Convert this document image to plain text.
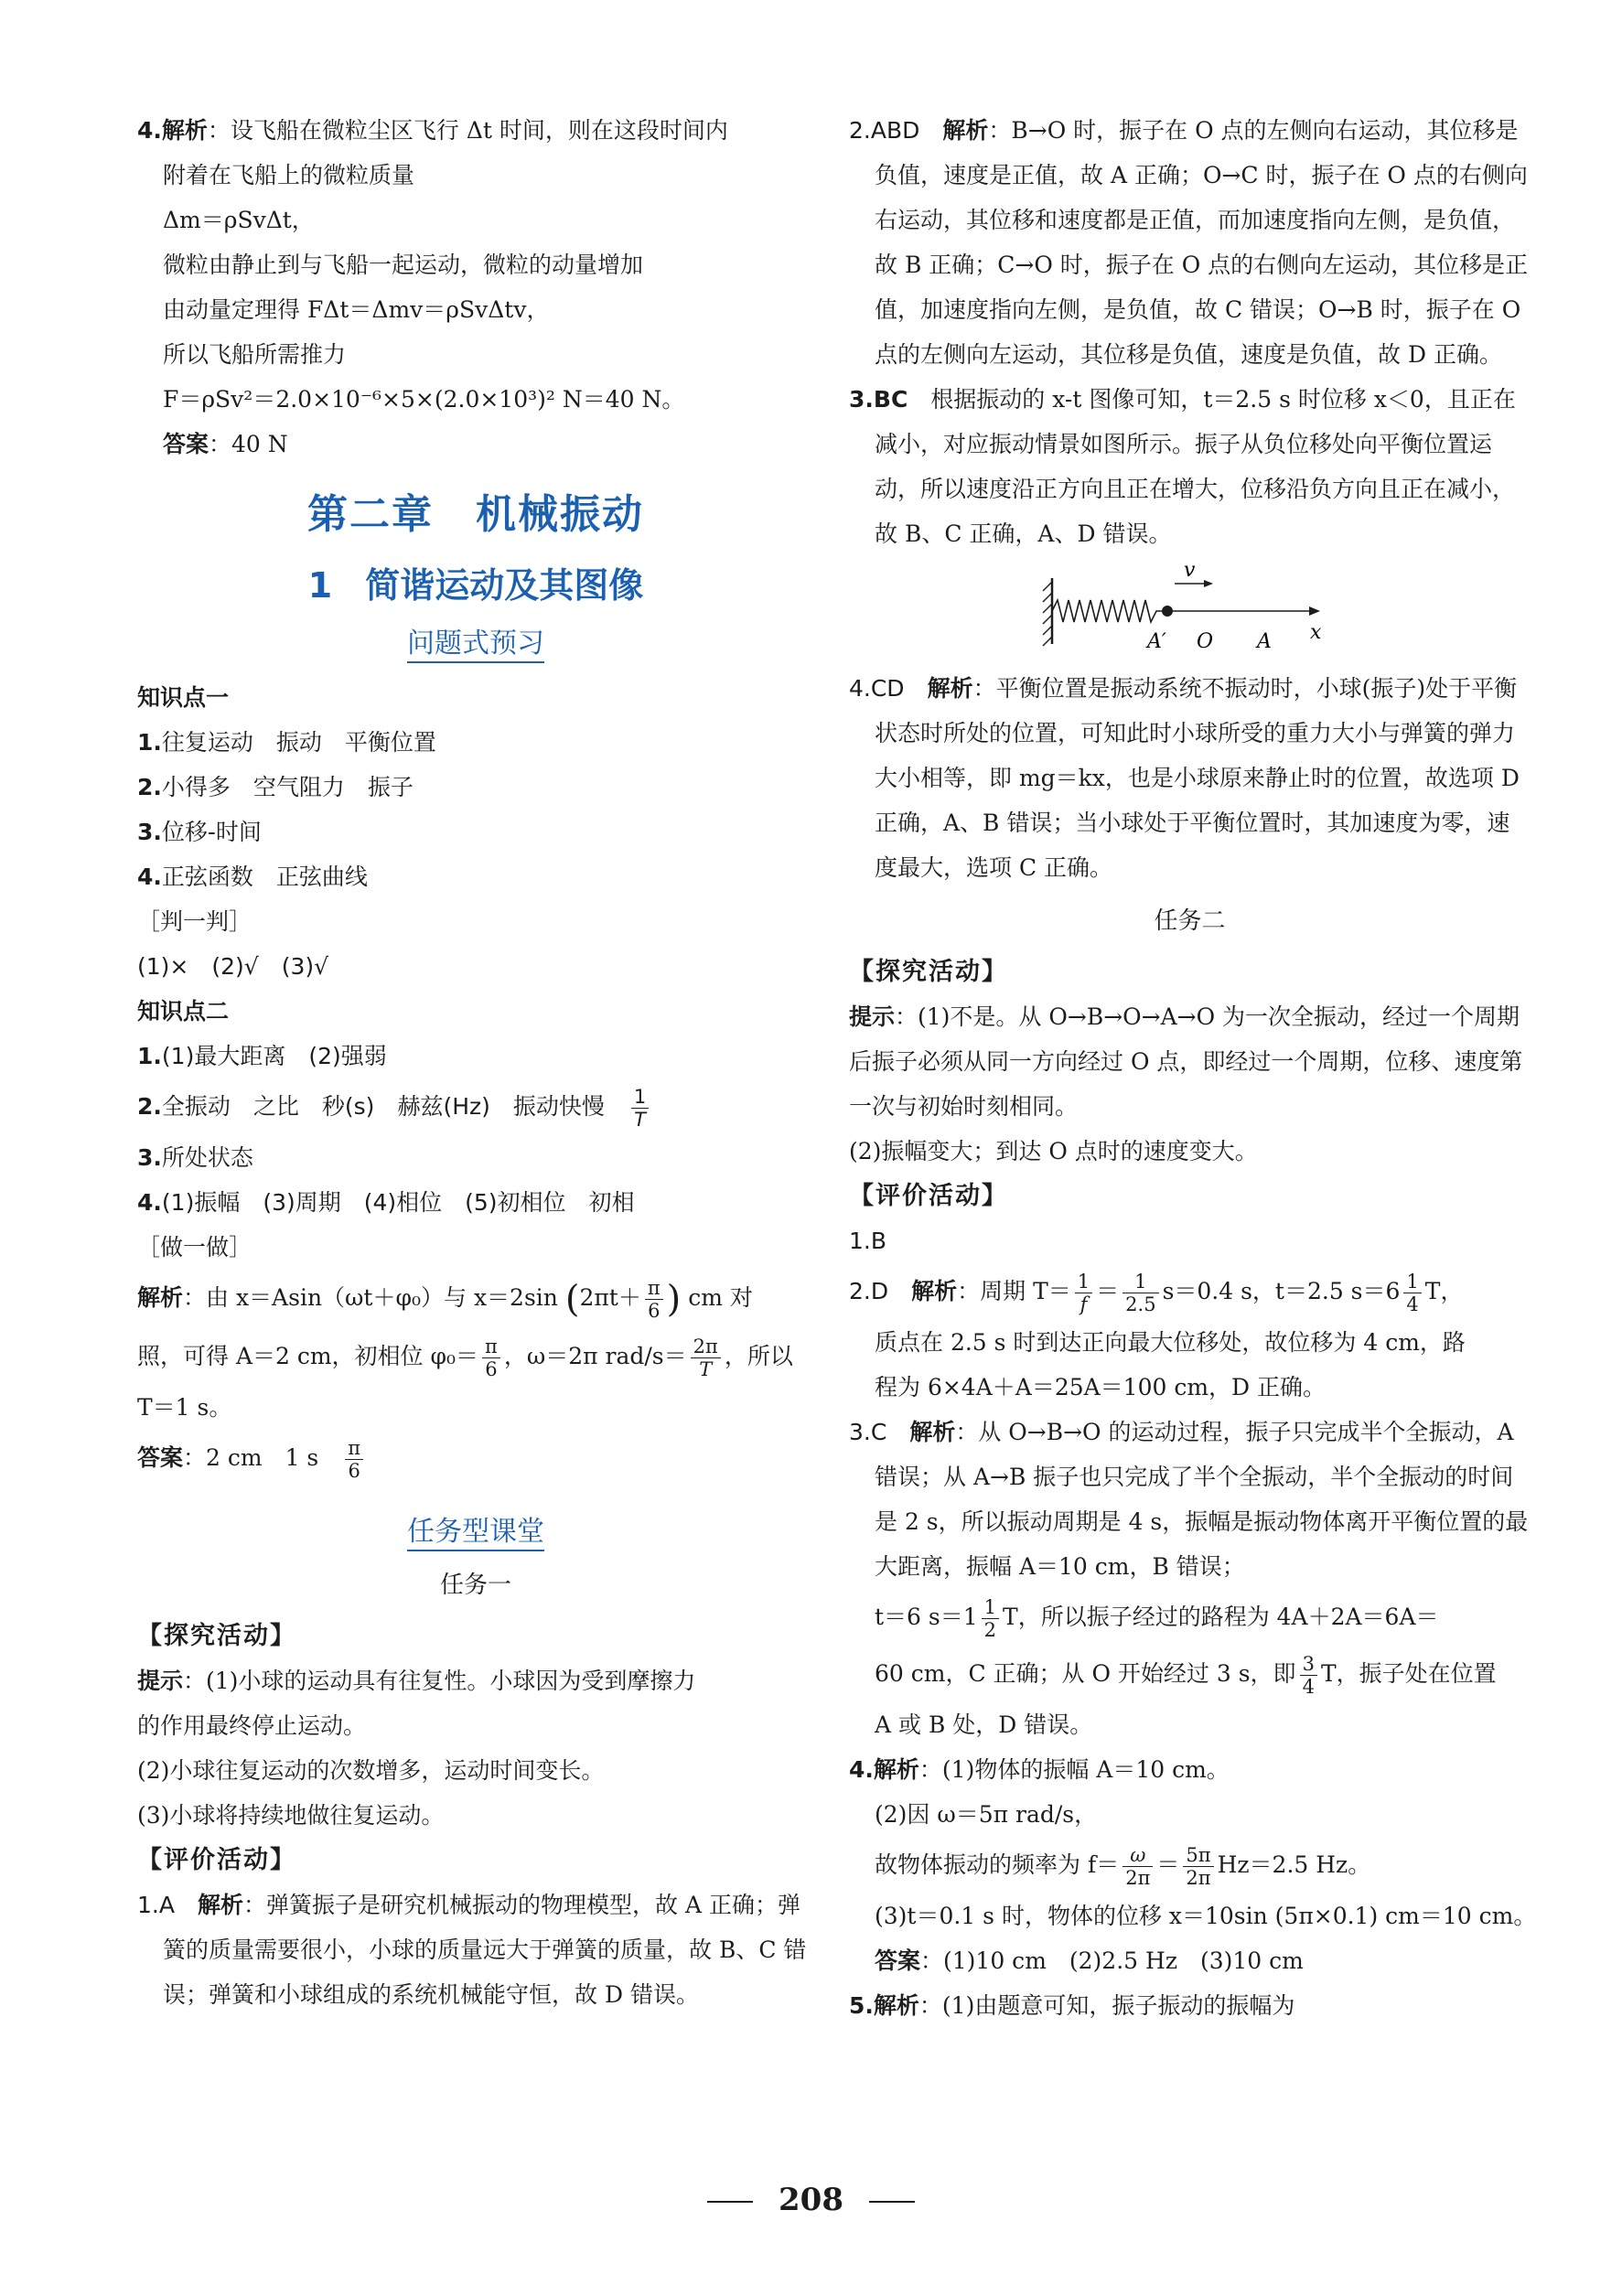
4.解析：设飞船在微粒尘区飞行 Δt 时间，则在这段时间内

附着在飞船上的微粒质量

Δm＝ρSvΔt，

微粒由静止到与飞船一起运动，微粒的动量增加

由动量定理得 FΔt＝Δmv＝ρSvΔtv，

所以飞船所需推力

F＝ρSv²＝2.0×10⁻⁶×5×(2.0×10³)² N＝40 N。

答案：40 N

第二章　机械振动
1 简谐运动及其图像
问题式预习

知识点一

1.往复运动　振动　平衡位置

2.小得多　空气阻力　振子

3.位移-时间

4.正弦函数　正弦曲线

［判一判］

(1)×　(2)√　(3)√

知识点二

1.(1)最大距离　(2)强弱

2.全振动　之比　秒(s)　赫兹(Hz)　振动快慢　 $\frac{1}{T}$

3.所处状态

4.(1)振幅　(3)周期　(4)相位　(5)初相位　初相

［做一做］

解析：由 x＝Asin（ωt＋φ₀）与 x＝2sin ($2\pi t+ \frac{\pi}{6}$ ) cm 对

照，可得 A＝2 cm，初相位 $\varphi_0= \frac{\pi}{6}$ ，ω＝2π $rad/s= \frac{2\pi}{T}$ ，所以

T＝1 s。

答案：2 cm　1 s　 $\frac{\pi}{6}$

任务型课堂
任务一

【探究活动】

提示：(1)小球的运动具有往复性。小球因为受到摩擦力

的作用最终停止运动。

(2)小球往复运动的次数增多，运动时间变长。

(3)小球将持续地做往复运动。

【评价活动】

1.A　 解析：弹簧振子是研究机械振动的物理模型，故 A 正确；弹簧的质量需要很小，小球的质量远大于弹簧的质量，故 B、C 错误；弹簧和小球组成的系统机械能守恒，故 D 错误。

2.ABD　 解析：B→O 时，振子在 O 点的左侧向右运动，其位移是负值，速度是正值，故 A 正确；O→C 时，振子在 O 点的右侧向右运动，其位移和速度都是正值，而加速度指向左侧，是负值，故 B 正确；C→O 时，振子在 O 点的右侧向左运动，其位移是正值，加速度指向左侧，是负值，故 C 错误；O→B 时，振子在 O 点的左侧向左运动，其位移是负值，速度是负值，故 D 正确。

3.BC　根据振动的 x-t 图像可知，t＝2.5 s 时位移 x＜0，且正在减小，对应振动情景如图所示。振子从负位移处向平衡位置运动，所以速度沿正方向且正在增大，位移沿负方向且正在减小，故 B、C 正确，A、D 错误。

v
A′ O A x

4.CD　 解析：平衡位置是振动系统不振动时，小球(振子)处于平衡状态时所处的位置，可知此时小球所受的重力大小与弹簧的弹力大小相等，即 mg＝kx，也是小球原来静止时的位置，故选项 D 正确，A、B 错误；当小球处于平衡位置时，其加速度为零，速度最大，选项 C 正确。

任务二

【探究活动】

提示：(1)不是。从 O→B→O→A→O 为一次全振动，经过一个周期后振子必须从同一方向经过 O 点，即经过一个周期，位移、速度第一次与初始时刻相同。

(2)振幅变大；到达 O 点时的速度变大。

【评价活动】

1.B

2.D　 解析：周期 $T= \frac{1}{f} = \frac{1}{2.5} s=0.4$ s，t＝2.5 $s=6 \frac{1}{4}$ T，

质点在 2.5 s 时到达正向最大位移处，故位移为 4 cm，路

程为 6×4A＋A＝25A＝100 cm，D 正确。

3.C　 解析：从 O→B→O 的运动过程，振子只完成半个全振动，A 错误；从 A→B 振子也只完成了半个全振动，半个全振动的时间是 2 s，所以振动周期是 4 s，振幅是振动物体离开平衡位置的最大距离，振幅 A＝10 cm，B 错误；

t＝6 $s=1 \frac{1}{2}$ T，所以振子经过的路程为 4A＋2A＝6A＝

60 cm，C 正确；从 O 开始经过 3 s，即 $\frac{3}{4}$ T，振子处在位置

A 或 B 处，D 错误。

4.解析：(1)物体的振幅 A＝10 cm。

(2)因 ω＝5π rad/s，

故物体振动的频率为 $f= \frac{\omega}{2\pi} = \frac{5\pi}{2\pi} Hz=2.5$ Hz。

(3)t＝0.1 s 时，物体的位移 x＝10sin (5π×0.1) cm＝10 cm。

答案：(1)10 cm　(2)2.5 Hz　(3)10 cm

5.解析：(1)由题意可知，振子振动的振幅为

208
